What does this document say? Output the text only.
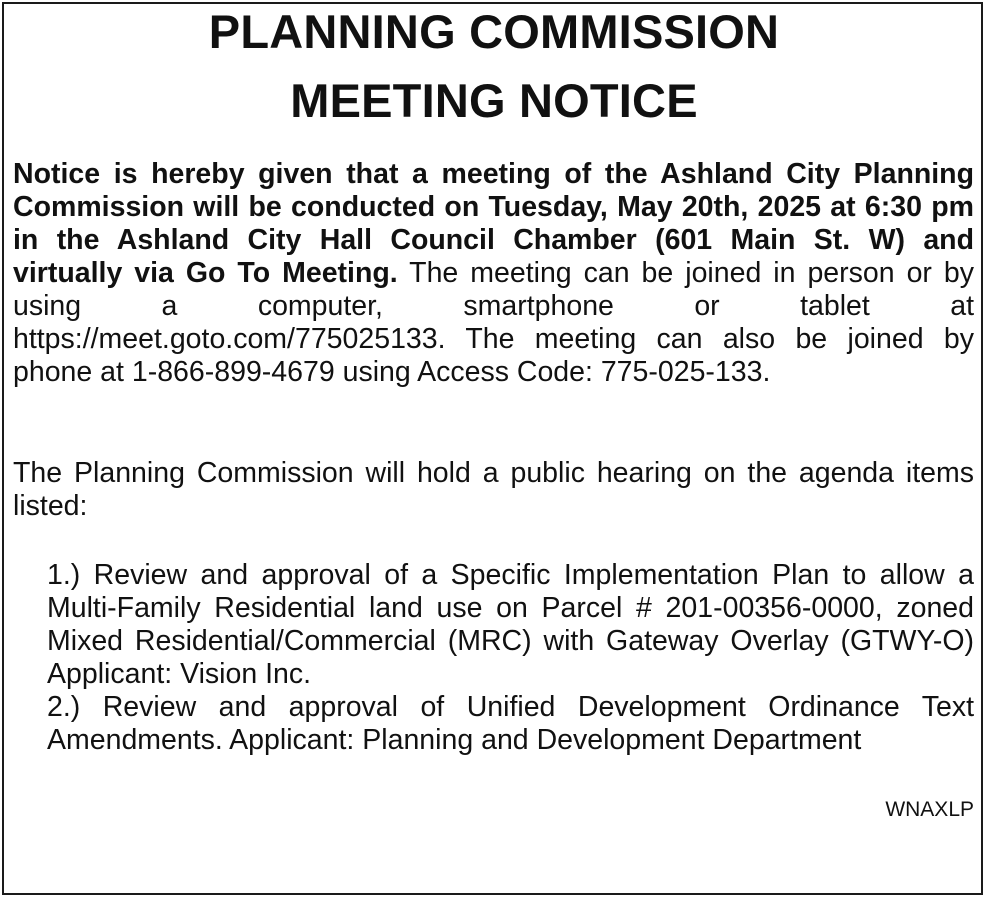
PLANNING COMMISSION
MEETING NOTICE
Notice is hereby given that a meeting of the Ashland City Planning Commission will be conducted on Tuesday, May 20th, 2025 at 6:30 pm in the Ashland City Hall Council Chamber (601 Main St. W) and virtually via Go To Meeting. The meeting can be joined in person or by using a computer, smartphone or tablet at https://meet.goto.com/775025133. The meeting can also be joined by phone at 1-866-899-4679 using Access Code: 775-025-133.
The Planning Commission will hold a public hearing on the agenda items listed:
1.) Review and approval of a Specific Implementation Plan to allow a Multi-Family Residential land use on Parcel # 201-00356-0000, zoned Mixed Residential/Commercial (MRC) with Gateway Overlay (GTWY-O) Applicant: Vision Inc.
2.) Review and approval of Unified Development Ordinance Text Amendments. Applicant: Planning and Development Department
WNAXLP
